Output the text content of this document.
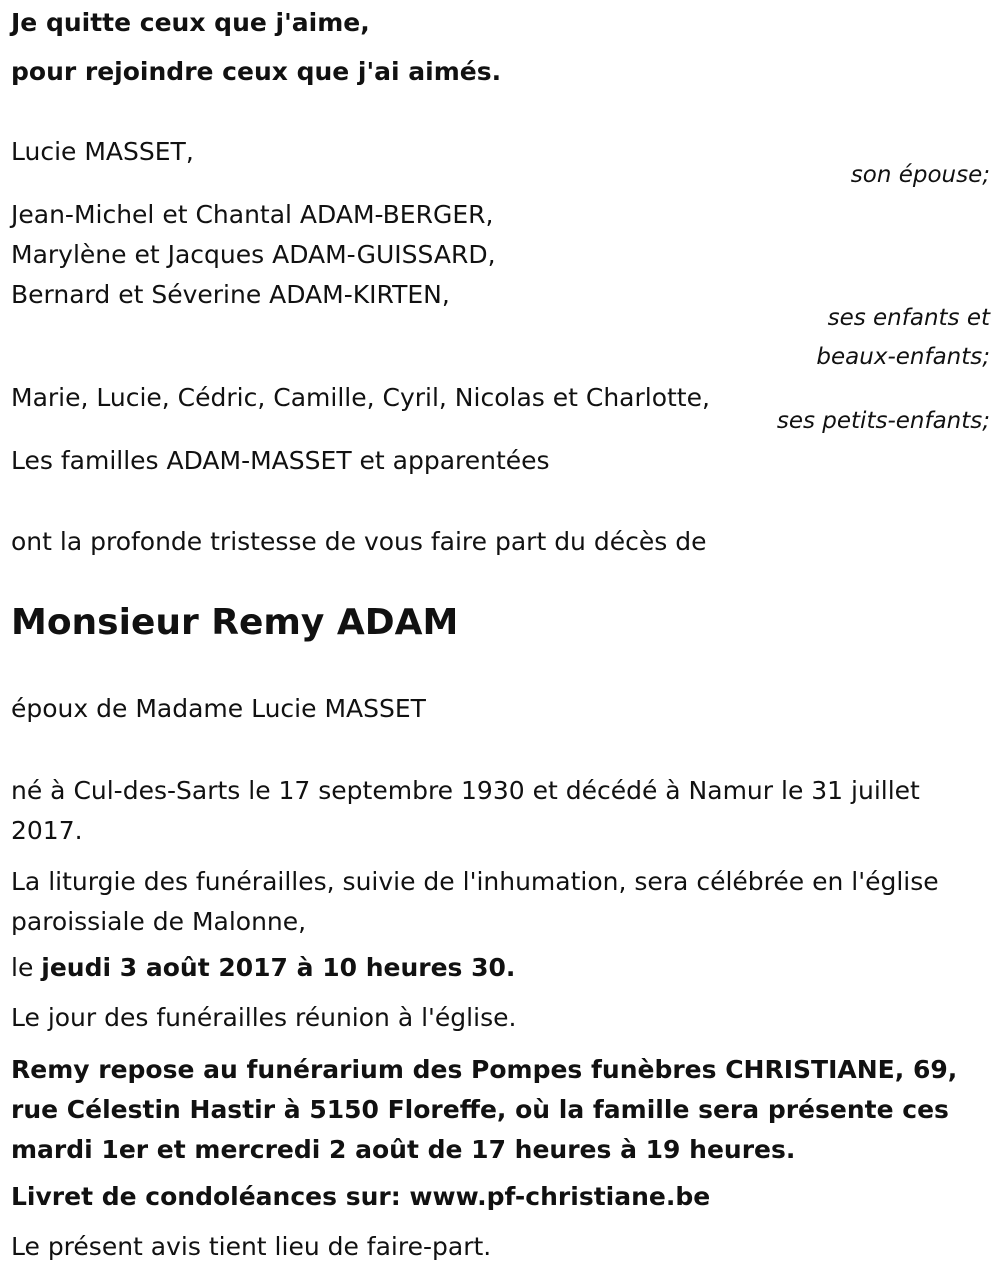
Je quitte ceux que j'aime,

pour rejoindre ceux que j'ai aimés.

Lucie MASSET,

son épouse;

Jean-Michel et Chantal ADAM-BERGER,

Marylène et Jacques ADAM-GUISSARD,

Bernard et Séverine ADAM-KIRTEN,

ses enfants et
beaux-enfants;

Marie, Lucie, Cédric, Camille, Cyril, Nicolas et Charlotte,

ses petits-enfants;

Les familles ADAM-MASSET et apparentées

ont la profonde tristesse de vous faire part du décès de

Monsieur Remy ADAM

époux de Madame Lucie MASSET

né à Cul-des-Sarts le 17 septembre 1930 et décédé à Namur le 31 juillet 2017.

La liturgie des funérailles, suivie de l'inhumation, sera célébrée en l'église paroissiale de Malonne,

le jeudi 3 août 2017 à 10 heures 30.

Le jour des funérailles réunion à l'église.

Remy repose au funérarium des Pompes funèbres CHRISTIANE, 69, rue Célestin Hastir à 5150 Floreffe, où la famille sera présente ces mardi 1er et mercredi 2 août de 17 heures à 19 heures.

Livret de condoléances sur: www.pf-christiane.be

Le présent avis tient lieu de faire-part.
